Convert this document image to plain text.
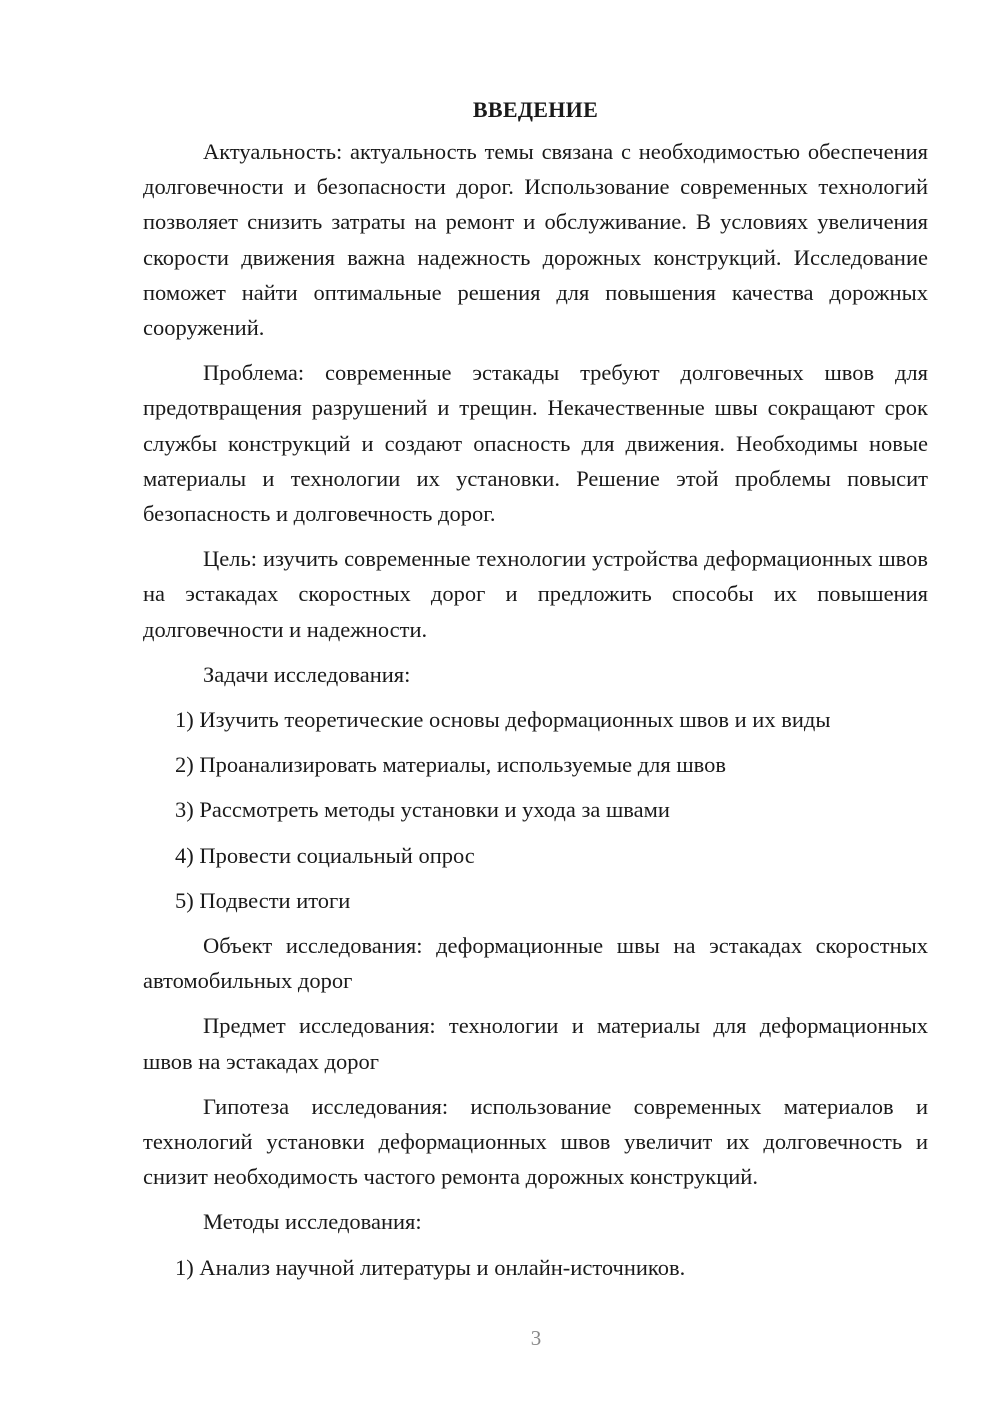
ВВЕДЕНИЕ

Актуальность: актуальность темы связана с необходимостью обеспечения долговечности и безопасности дорог. Использование современных технологий позволяет снизить затраты на ремонт и обслуживание. В условиях увеличения скорости движения важна надежность дорожных конструкций. Исследование поможет найти оптимальные решения для повышения качества дорожных сооружений.

Проблема: современные эстакады требуют долговечных швов для предотвращения разрушений и трещин. Некачественные швы сокращают срок службы конструкций и создают опасность для движения. Необходимы новые материалы и технологии их установки. Решение этой проблемы повысит безопасность и долговечность дорог.

Цель: изучить современные технологии устройства деформационных швов на эстакадах скоростных дорог и предложить способы их повышения долговечности и надежности.

Задачи исследования:

1) Изучить теоретические основы деформационных швов и их виды
2) Проанализировать материалы, используемые для швов
3) Рассмотреть методы установки и ухода за швами
4) Провести социальный опрос
5) Подвести итоги

Объект исследования: деформационные швы на эстакадах скоростных автомобильных дорог

Предмет исследования: технологии и материалы для деформационных швов на эстакадах дорог

Гипотеза исследования: использование современных материалов и технологий установки деформационных швов увеличит их долговечность и снизит необходимость частого ремонта дорожных конструкций.

Методы исследования:

1) Анализ научной литературы и онлайн-источников.
3
